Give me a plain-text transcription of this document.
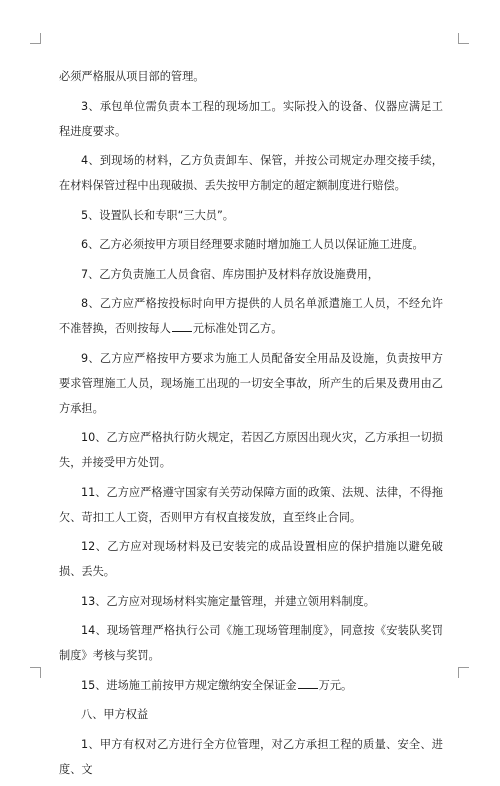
必须严格服从项目部的管理。

3、承包单位需负责本工程的现场加工。实际投入的设备、仪器应满足工程进度要求。

4、到现场的材料，乙方负责卸车、保管，并按公司规定办理交接手续，在材料保管过程中出现破损、丢失按甲方制定的超定额制度进行赔偿。

5、设置队长和专职“三大员”。

6、乙方必须按甲方项目经理要求随时增加施工人员以保证施工进度。

7、乙方负责施工人员食宿、库房围护及材料存放设施费用，

8、乙方应严格按投标时向甲方提供的人员名单派遣施工人员，不经允许不准替换，否则按每人 元标准处罚乙方。

9、乙方应严格按甲方要求为施工人员配备安全用品及设施，负责按甲方要求管理施工人员，现场施工出现的一切安全事故，所产生的后果及费用由乙方承担。

10、乙方应严格执行防火规定，若因乙方原因出现火灾，乙方承担一切损失，并接受甲方处罚。

11、乙方应严格遵守国家有关劳动保障方面的政策、法规、法律，不得拖欠、苛扣工人工资，否则甲方有权直接发放，直至终止合同。

12、乙方应对现场材料及已安装完的成品设置相应的保护措施以避免破损、丢失。

13、乙方应对现场材料实施定量管理，并建立领用料制度。

14、现场管理严格执行公司《施工现场管理制度》，同意按《安装队奖罚制度》考核与奖罚。

15、进场施工前按甲方规定缴纳安全保证金 万元。

八、甲方权益

1、甲方有权对乙方进行全方位管理，对乙方承担工程的质量、安全、进度、文
